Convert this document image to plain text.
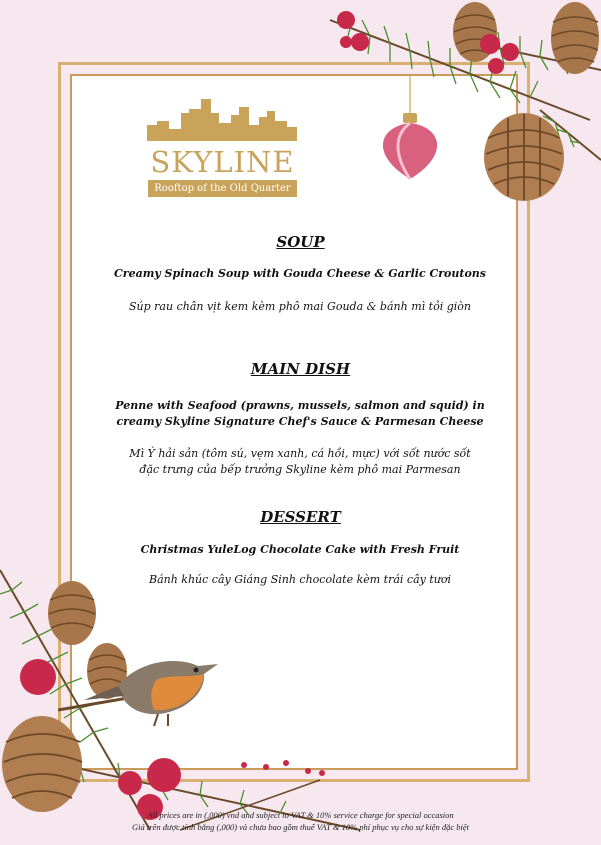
SKYLINE
Rooftop of the Old Quarter
SOUP
Creamy Spinach Soup with Gouda Cheese & Garlic Croutons
Súp rau chân vịt kem kèm phô mai Gouda & bánh mì tỏi giòn
MAIN DISH
Penne with Seafood (prawns, mussels, salmon and squid) in
creamy Skyline Signature Chef's Sauce & Parmesan Cheese
Mì Ý hải sản (tôm sú, vẹm xanh, cá hồi, mực) với sốt nước sốt
đặc trưng của bếp trưởng Skyline kèm phô mai Parmesan
DESSERT
Christmas YuleLog Chocolate Cake with Fresh Fruit
Bánh khúc cây Giáng Sinh chocolate kèm trái cây tươi
All prices are in (,000) vnd and subject to VAT & 10% service charge for special occasion
Giá trên được tính bằng (,000) và chưa bao gồm thuế VAT & 10% phí phục vụ cho sự kiện đặc biệt
